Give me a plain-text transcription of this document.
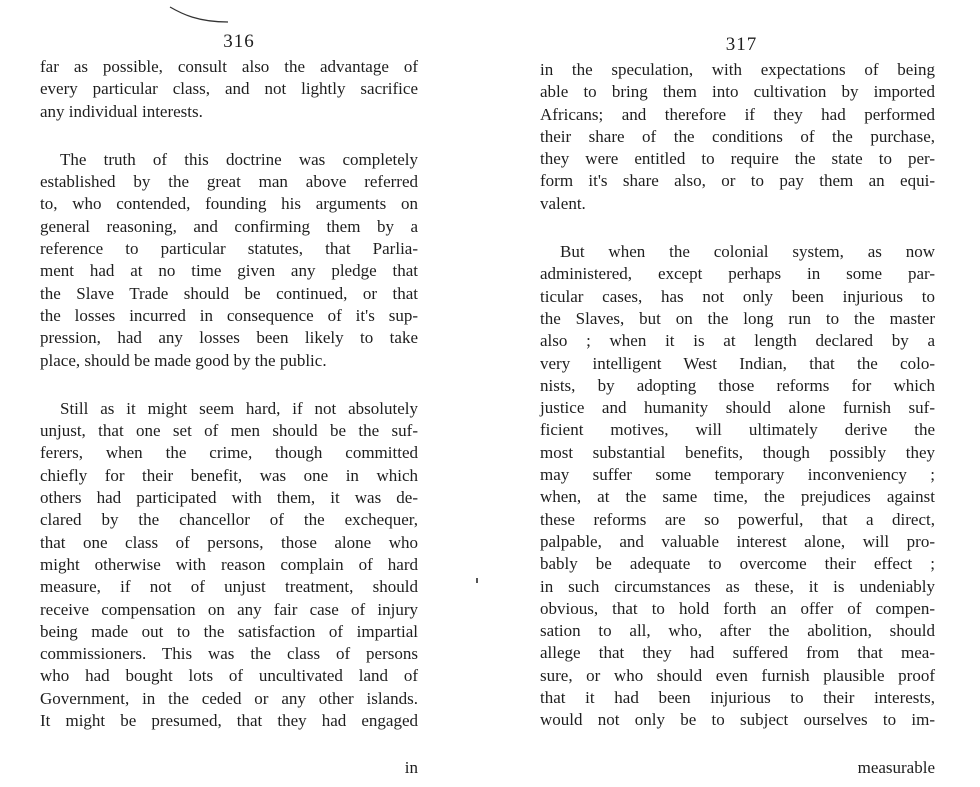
316
far as possible, consult also the advantage of
every particular class, and not lightly sacrifice
any individual interests.
The truth of this doctrine was completely
established by the great man above referred
to, who contended, founding his arguments on
general reasoning, and confirming them by a
reference to particular statutes, that Parlia-
ment had at no time given any pledge that
the Slave Trade should be continued, or that
the losses incurred in consequence of it's sup-
pression, had any losses been likely to take
place, should be made good by the public.
Still as it might seem hard, if not absolutely
unjust, that one set of men should be the suf-
ferers, when the crime, though committed
chiefly for their benefit, was one in which
others had participated with them, it was de-
clared by the chancellor of the exchequer,
that one class of persons, those alone who
might otherwise with reason complain of hard
measure, if not of unjust treatment, should
receive compensation on any fair case of injury
being made out to the satisfaction of impartial
commissioners. This was the class of persons
who had bought lots of uncultivated land of
Government, in the ceded or any other islands.
It might be presumed, that they had engaged
in
317
in the speculation, with expectations of being
able to bring them into cultivation by imported
Africans; and therefore if they had performed
their share of the conditions of the purchase,
they were entitled to require the state to per-
form it's share also, or to pay them an equi-
valent.
But when the colonial system, as now
administered, except perhaps in some par-
ticular cases, has not only been injurious to
the Slaves, but on the long run to the master
also ; when it is at length declared by a
very intelligent West Indian, that the colo-
nists, by adopting those reforms for which
justice and humanity should alone furnish suf-
ficient motives, will ultimately derive the
most substantial benefits, though possibly they
may suffer some temporary inconveniency ;
when, at the same time, the prejudices against
these reforms are so powerful, that a direct,
palpable, and valuable interest alone, will pro-
bably be adequate to overcome their effect ;
in such circumstances as these, it is undeniably
obvious, that to hold forth an offer of compen-
sation to all, who, after the abolition, should
allege that they had suffered from that mea-
sure, or who should even furnish plausible proof
that it had been injurious to their interests,
would not only be to subject ourselves to im-
measurable
